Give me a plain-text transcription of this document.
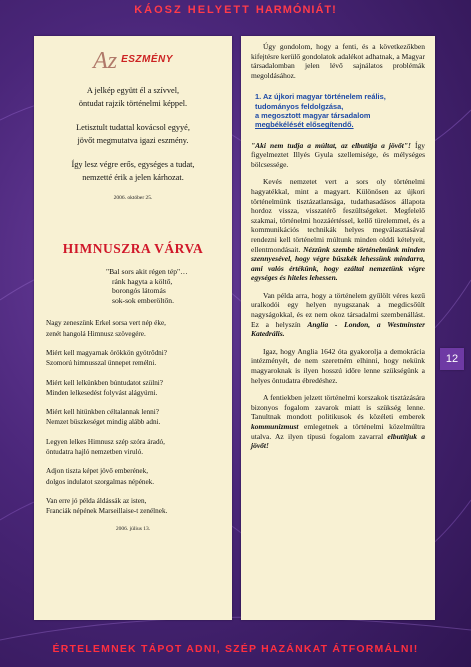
KÁOSZ HELYETT HARMÓNIÁT!
Az $^{ESZMÉNY}$
A jelkép együtt él a szívvel,
öntudat rajzik történelmi képpel.
Letisztult tudattal kovácsol egyyé,
jövőt megmutatva igazi eszmény.
Így lesz végre erős, egységes a tudat,
nemzetté érik a jelen kárhozat.
2006. október 25.
HIMNUSZRA VÁRVA
"Bal sors akit régen tép"…
ránk hagyta a költő,
borongós látomás
sok-sok emberöltőn.
Nagy zeneszünk Erkel sorsa vert nép éke,
zenét hangolá Himnusz szövegére.
Miért kell magyarnak örökkön gyötrődni?
Szomorú himnusszal ünnepet remélni.
Miért kell lelkünkben búntudatot szülni?
Minden lelkesedést folyvást alágyúrni.
Miért kell hitünkben céltalannak lenni?
Nemzet büszkeséget mindig alább adni.
Legyen lelkes Himnusz szép szóra áradó,
öntudatra hajló nemzetben viruló.
Adjon tiszta képet jövő emberének,
dolgos indulatot szorgalmas népének.
Van erre jó példa áldássák az isten,
Franciák népének Marseillaise-t zenélnek.
2006. július 13.

Úgy gondolom, hogy a fenti, és a következőkben kifejtésre kerülő gondolatok adalékot adhatnak, a Magyar társadalomban jelen lévő sajnálatos problémák megoldásához.

1. Az újkori magyar történelem reális,
tudományos feldolgzása,
a megosztott magyar társadalom
megbékélését elősegítendő.

"Aki nem tudja a múltat, az elbutítja a jövőt"! Így figyelmeztet Illyés Gyula szellemisége, és mélységes bölcsessége.

Kevés nemzetet vert a sors oly történelmi hagyatékkal, mint a magyart. Különösen az újkori történelmünk tisztázatlansága, tudathasadásos állapota hordoz vissza, visszatérő feszültségeket. Megfelelő szakmai, történelmi hozzáértéssel, kellő türelemmel, és a kommunikációs technikák helyes megválasztásával rendezni kell történelmi múltunk minden olddi kételyeit, ellentmondásait. Nézzünk szembe történelmünk minden szennyesével, hogy végre büszkék lehessünk mindarra, ami valós értékünk, hogy ezáltal nemzetünk végre egységes és hiteles lehessen.

Van példa arra, hogy a történelem gyűlölt véres kezű uralkodói egy helyen nyugszanak a megdicsőült nagyságokkal, és ez nem okoz társadalmi szembenállást. Ez a helyszín Anglia - London, a Westminster Katedrális.

Igaz, hogy Anglia 1642 óta gyakorolja a demokrácia intézményét, de nem szeretném elhinni, hogy nekünk magyaroknak is ilyen hosszú időre lenne szükségünk a helyes öntudatra ébredéshez.

A fentiekben jelzett történelmi korszakok tisztázására bizonyos fogalom zavarok miatt is szükség lenne. Tanultnak mondott politikusok és közéleti emberek kommunizmust emlegetnek a történelmi közelmúltra utalva. Az ilyen típusú fogalom zavarral elbutítjuk a jövőt!

12
ÉRTELEMNEK TÁPOT ADNI, SZÉP HAZÁNKAT ÁTFORMÁLNI!
